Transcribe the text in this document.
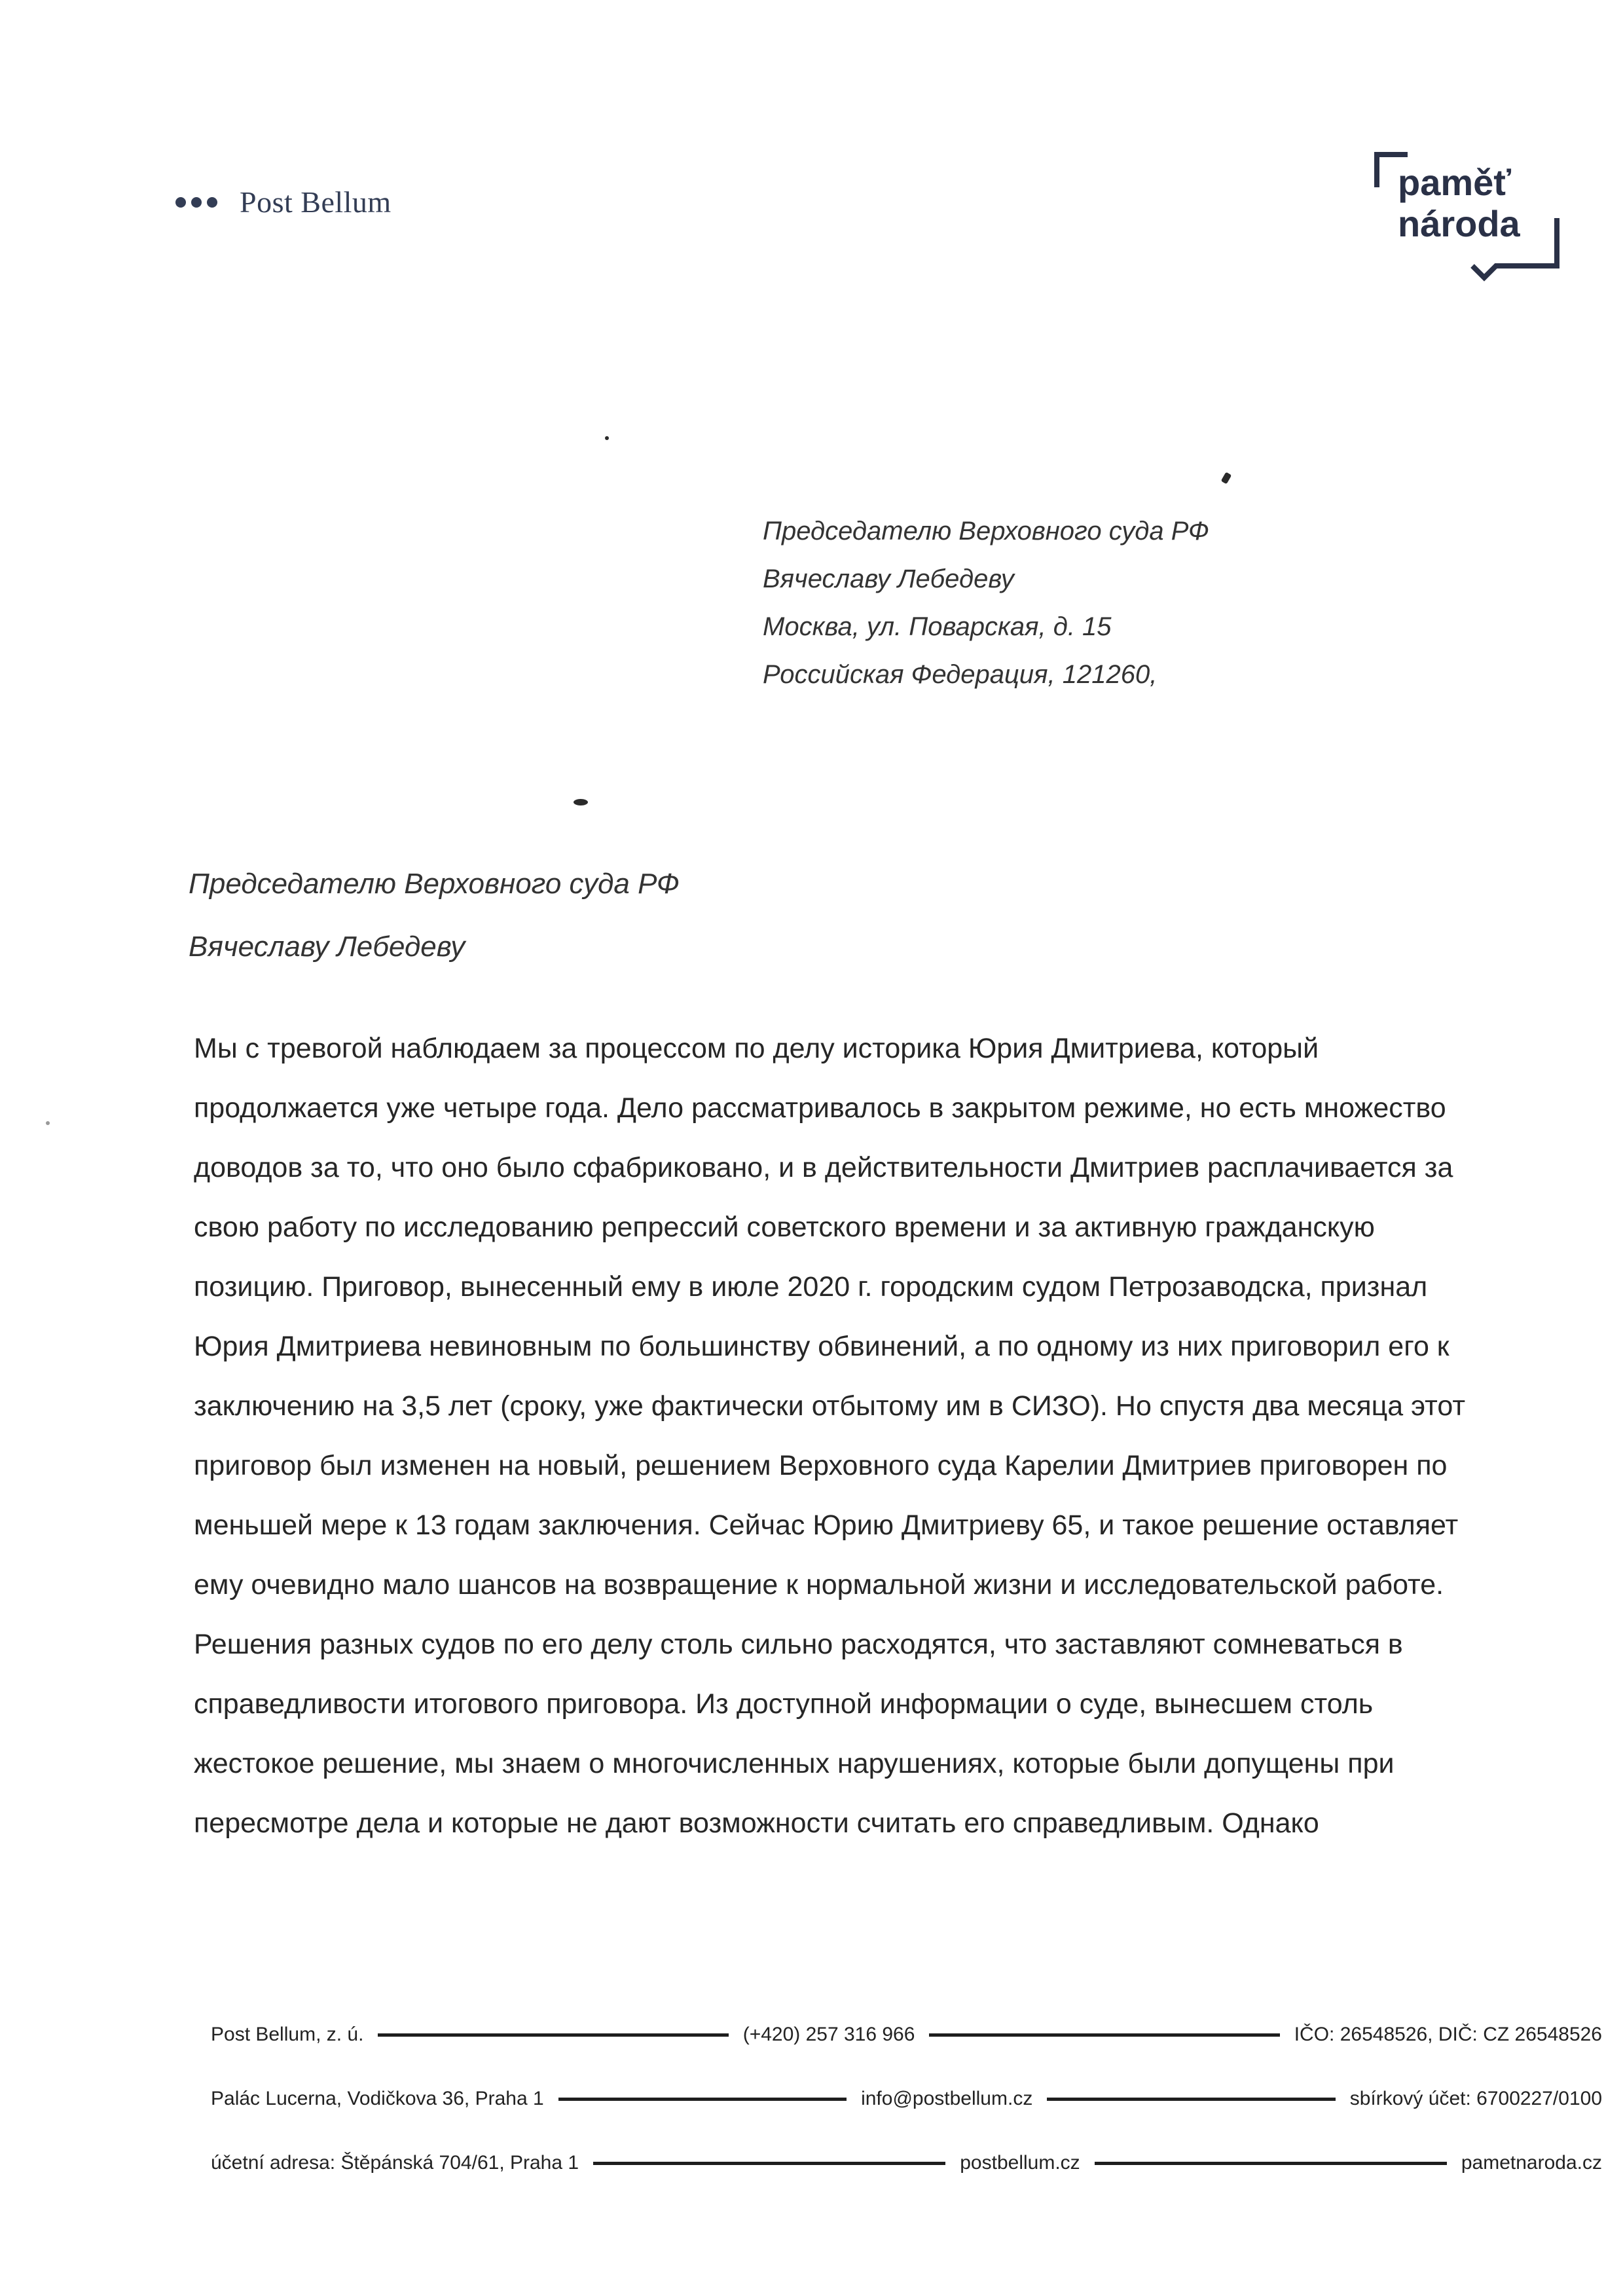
Post Bellum	paměť
národa
Председателю Верховного суда РФ
Вячеславу Лебедеву
Москва, ул. Поварская, д. 15
Российская Федерация, 121260,
Председателю Верховного суда РФ
Вячеславу Лебедеву
Мы с тревогой наблюдаем за процессом по делу историка Юрия Дмитриева, который
продолжается уже четыре года. Дело рассматривалось в закрытом режиме, но есть множество
доводов за то, что оно было сфабриковано, и в действительности Дмитриев расплачивается за
свою работу по исследованию репрессий советского времени и за активную гражданскую
позицию. Приговор, вынесенный ему в июле 2020 г. городским судом Петрозаводска, признал
Юрия Дмитриева невиновным по большинству обвинений, а по одному из них приговорил его к
заключению на 3,5 лет (сроку, уже фактически отбытому им в СИЗО). Но спустя два месяца этот
приговор был изменен на новый, решением Верховного суда Карелии Дмитриев приговорен по
меньшей мере к 13 годам заключения. Сейчас Юрию Дмитриеву 65, и такое решение оставляет
ему очевидно мало шансов на возвращение к нормальной жизни и исследовательской работе.
Решения разных судов по его делу столь сильно расходятся, что заставляют сомневаться в
справедливости итогового приговора. Из доступной информации о суде, вынесшем столь
жестокое решение, мы знаем о многочисленных нарушениях, которые были допущены при
пересмотре дела и которые не дают возможности считать его справедливым. Однако
Post Bellum, z. ú.	(+420) 257 316 966	IČO: 26548526, DIČ: CZ 26548526
Palác Lucerna, Vodičkova 36, Praha 1	info@postbellum.cz	sbírkový účet: 6700227/0100
účetní adresa: Štěpánská 704/61, Praha 1	postbellum.cz	pametnaroda.cz
